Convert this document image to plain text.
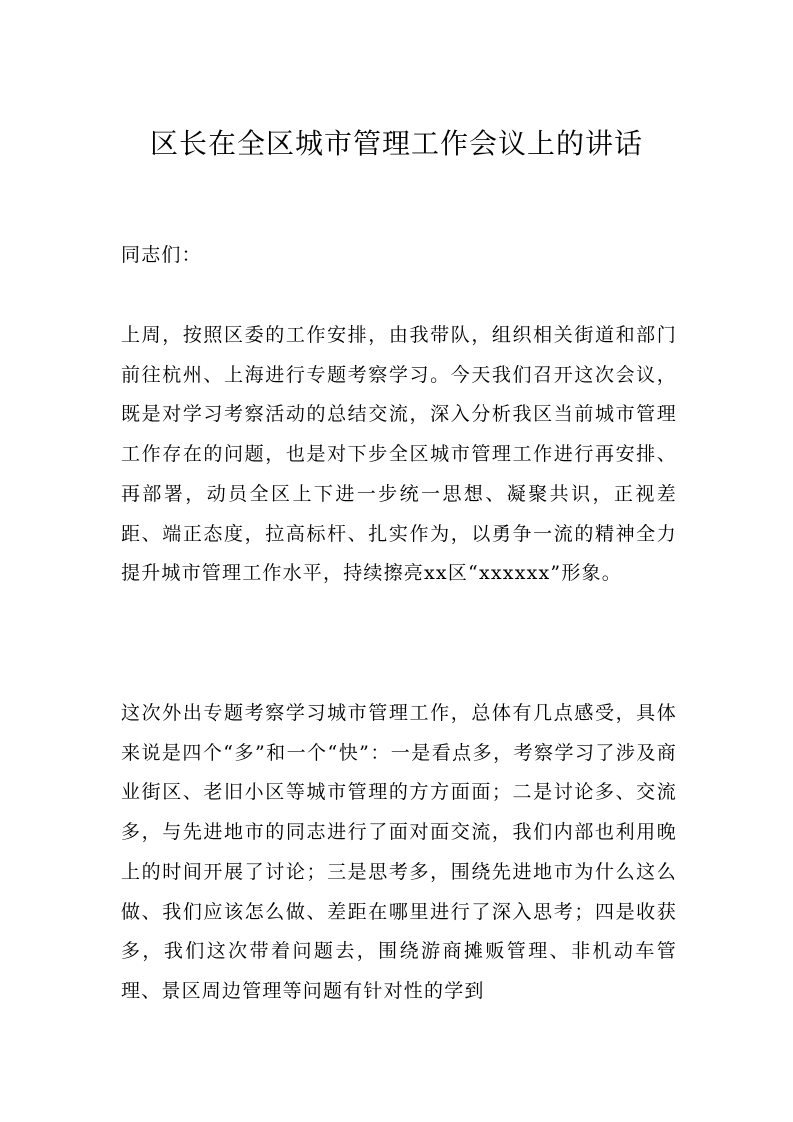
区长在全区城市管理工作会议上的讲话

同志们：

上周，按照区委的工作安排，由我带队，组织相关街道和部门前往杭州、上海进行专题考察学习。今天我们召开这次会议，既是对学习考察活动的总结交流，深入分析我区当前城市管理工作存在的问题，也是对下步全区城市管理工作进行再安排、再部署，动员全区上下进一步统一思想、凝聚共识，正视差距、端正态度，拉高标杆、扎实作为，以勇争一流的精神全力提升城市管理工作水平，持续擦亮xx区“xxxxxx”形象。

这次外出专题考察学习城市管理工作，总体有几点感受，具体来说是四个“多”和一个“快”：一是看点多，考察学习了涉及商业街区、老旧小区等城市管理的方方面面；二是讨论多、交流多，与先进地市的同志进行了面对面交流，我们内部也利用晚上的时间开展了讨论；三是思考多，围绕先进地市为什么这么做、我们应该怎么做、差距在哪里进行了深入思考；四是收获多，我们这次带着问题去，围绕游商摊贩管理、非机动车管理、景区周边管理等问题有针对性的学到
